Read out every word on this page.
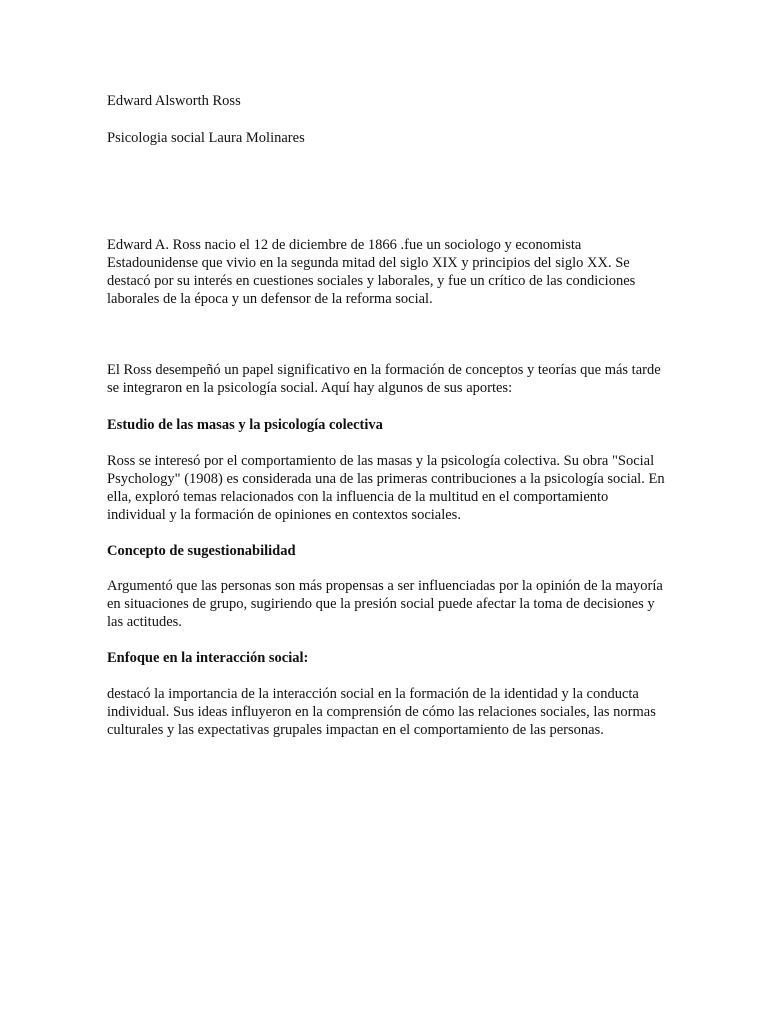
Edward Alsworth Ross

Psicologia social Laura Molinares

Edward A. Ross nacio el 12 de diciembre de 1866 .fue un sociologo y economista Estadounidense que vivio en la segunda mitad del siglo XIX y principios del siglo XX. Se destacó por su interés en cuestiones sociales y laborales, y fue un crítico de las condiciones laborales de la época y un defensor de la reforma social.

El Ross desempeñó un papel significativo en la formación de conceptos y teorías que más tarde se integraron en la psicología social. Aquí hay algunos de sus aportes:

Estudio de las masas y la psicología colectiva

Ross se interesó por el comportamiento de las masas y la psicología colectiva. Su obra "Social Psychology" (1908) es considerada una de las primeras contribuciones a la psicología social. En ella, exploró temas relacionados con la influencia de la multitud en el comportamiento individual y la formación de opiniones en contextos sociales.

Concepto de sugestionabilidad

Argumentó que las personas son más propensas a ser influenciadas por la opinión de la mayoría en situaciones de grupo, sugiriendo que la presión social puede afectar la toma de decisiones y las actitudes.

Enfoque en la interacción social:

destacó la importancia de la interacción social en la formación de la identidad y la conducta individual. Sus ideas influyeron en la comprensión de cómo las relaciones sociales, las normas culturales y las expectativas grupales impactan en el comportamiento de las personas.
